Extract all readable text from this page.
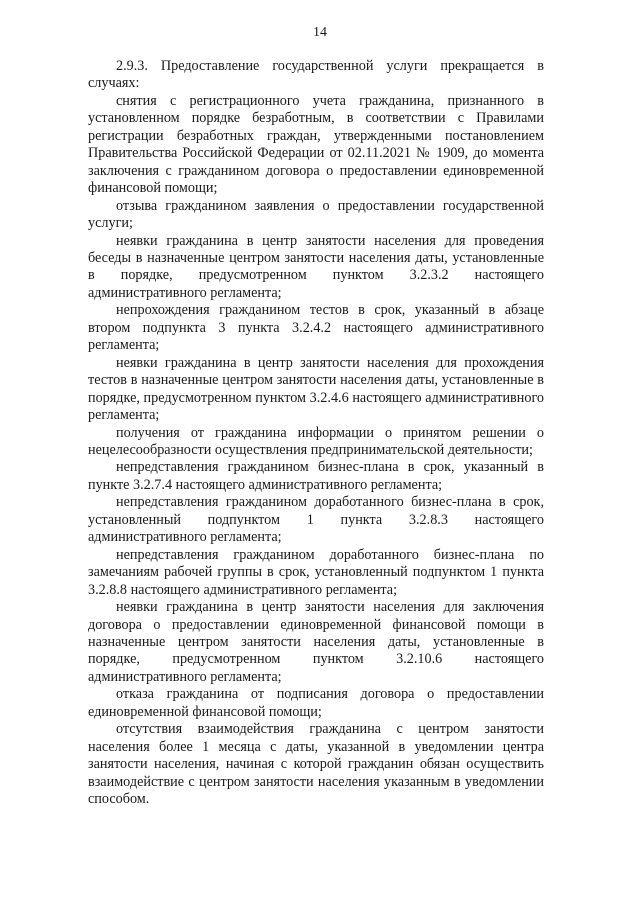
14

2.9.3. Предоставление государственной услуги прекращается в случаях:

снятия с регистрационного учета гражданина, признанного в установленном порядке безработным, в соответствии с Правилами регистрации безработных граждан, утвержденными постановлением Правительства Российской Федерации от 02.11.2021 № 1909, до момента заключения с гражданином договора о предоставлении единовременной финансовой помощи;

отзыва гражданином заявления о предоставлении государственной услуги;

неявки гражданина в центр занятости населения для проведения беседы в назначенные центром занятости населения даты, установленные в порядке, предусмотренном пунктом 3.2.3.2 настоящего административного регламента;

непрохождения гражданином тестов в срок, указанный в абзаце втором подпункта 3 пункта 3.2.4.2 настоящего административного регламента;

неявки гражданина в центр занятости населения для прохождения тестов в назначенные центром занятости населения даты, установленные в порядке, предусмотренном пунктом 3.2.4.6 настоящего административного регламента;

получения от гражданина информации о принятом решении о нецелесообразности осуществления предпринимательской деятельности;

непредставления гражданином бизнес-плана в срок, указанный в пункте 3.2.7.4 настоящего административного регламента;

непредставления гражданином доработанного бизнес-плана в срок, установленный подпунктом 1 пункта 3.2.8.3 настоящего административного регламента;

непредставления гражданином доработанного бизнес-плана по замечаниям рабочей группы в срок, установленный подпунктом 1 пункта 3.2.8.8 настоящего административного регламента;

неявки гражданина в центр занятости населения для заключения договора о предоставлении единовременной финансовой помощи в назначенные центром занятости населения даты, установленные в порядке, предусмотренном пунктом 3.2.10.6 настоящего административного регламента;

отказа гражданина от подписания договора о предоставлении единовременной финансовой помощи;

отсутствия взаимодействия гражданина с центром занятости населения более 1 месяца с даты, указанной в уведомлении центра занятости населения, начиная с которой гражданин обязан осуществить взаимодействие с центром занятости населения указанным в уведомлении способом.
